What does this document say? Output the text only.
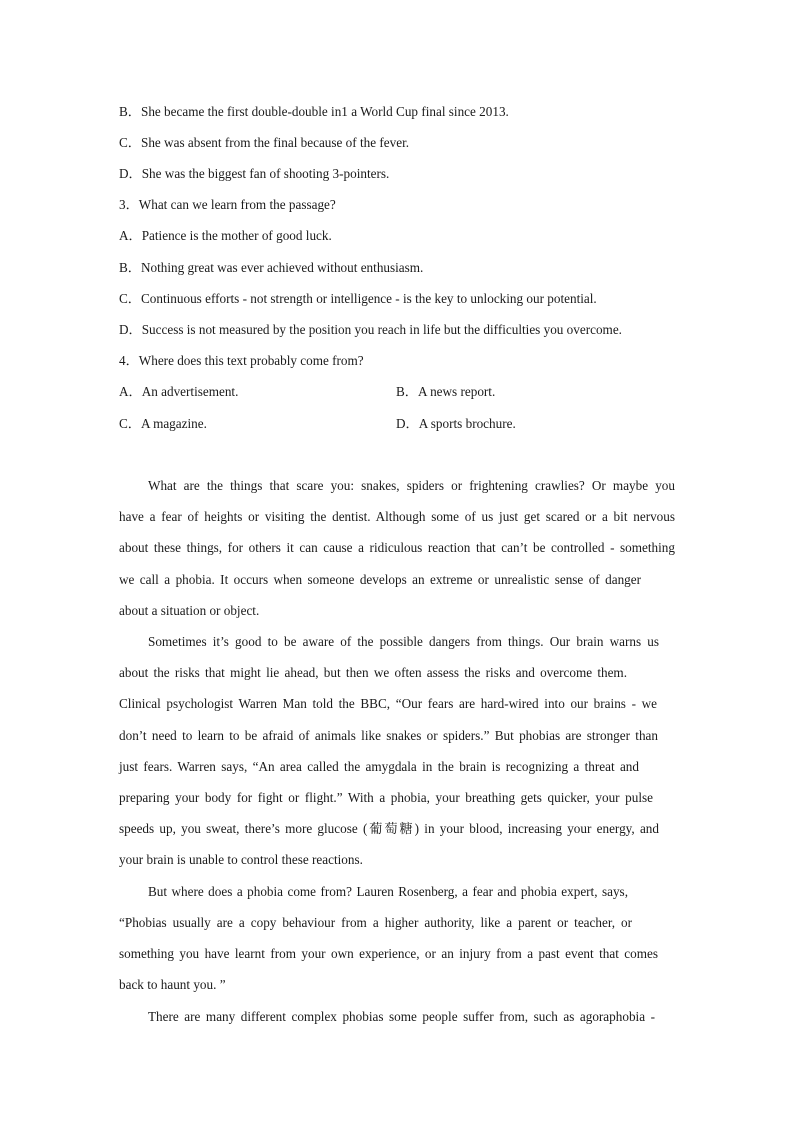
B．She became the first double-double in1 a World Cup final since 2013.
C．She was absent from the final because of the fever.
D．She was the biggest fan of shooting 3-pointers.
3．What can we learn from the passage?
A．Patience is the mother of good luck.
B．Nothing great was ever achieved without enthusiasm.
C．Continuous efforts - not strength or intelligence - is the key to unlocking our potential.
D．Success is not measured by the position you reach in life but the difficulties you overcome.
4．Where does this text probably come from?
A．An advertisement.	B．A news report.
C．A magazine.	D．A sports brochure.
What are the things that scare you: snakes, spiders or frightening crawlies? Or maybe you
have a fear of heights or visiting the dentist. Although some of us just get scared or a bit nervous
about these things, for others it can cause a ridiculous reaction that can’t be controlled - something
we call a phobia. It occurs when someone develops an extreme or unrealistic sense of danger
about a situation or object.
Sometimes it’s good to be aware of the possible dangers from things. Our brain warns us
about the risks that might lie ahead, but then we often assess the risks and overcome them.
Clinical psychologist Warren Man told the BBC, “Our fears are hard-wired into our brains - we
don’t need to learn to be afraid of animals like snakes or spiders.” But phobias are stronger than
just fears. Warren says, “An area called the amygdala in the brain is recognizing a threat and
preparing your body for fight or flight.” With a phobia, your breathing gets quicker, your pulse
speeds up, you sweat, there’s more glucose (葡萄糖) in your blood, increasing your energy, and
your brain is unable to control these reactions.
But where does a phobia come from? Lauren Rosenberg, a fear and phobia expert, says,
“Phobias usually are a copy behaviour from a higher authority, like a parent or teacher, or
something you have learnt from your own experience, or an injury from a past event that comes
back to haunt you. ”
There are many different complex phobias some people suffer from, such as agoraphobia -
